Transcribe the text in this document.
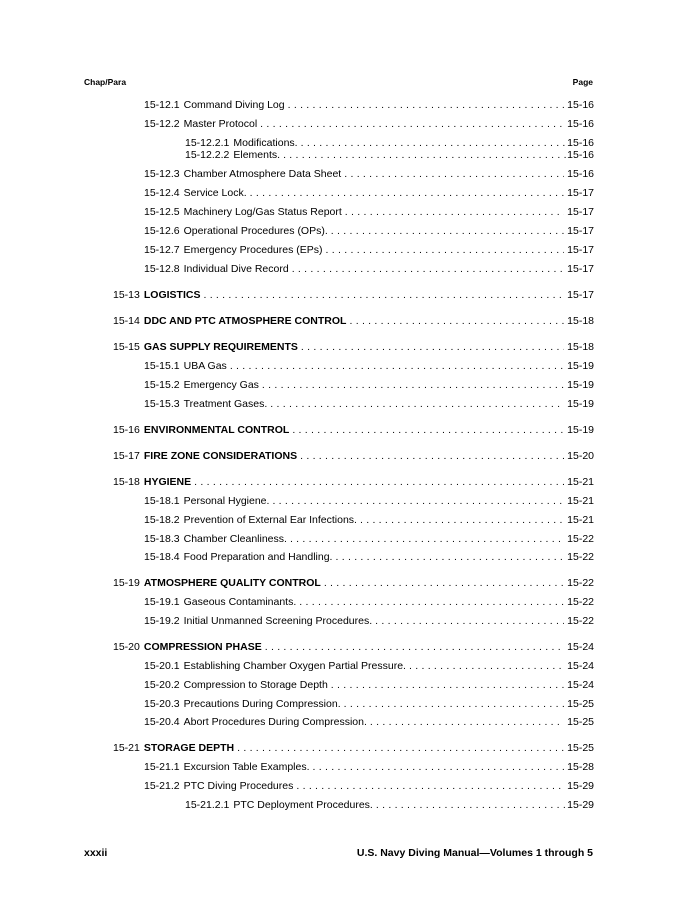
Chap/Para	Page
15-12.1 Command Diving Log . . .	15-16
15-12.2 Master Protocol . . .	15-16
15-12.2.1 Modifications. . . .	15-16
15-12.2.2 Elements. . . .	15-16
15-12.3 Chamber Atmosphere Data Sheet . . .	15-16
15-12.4 Service Lock. . . .	15-17
15-12.5 Machinery Log/Gas Status Report . . .	15-17
15-12.6 Operational Procedures (OPs). . . .	15-17
15-12.7 Emergency Procedures (EPs) . . .	15-17
15-12.8 Individual Dive Record . . .	15-17
15-13 LOGISTICS . . .	15-17
15-14 DDC AND PTC ATMOSPHERE CONTROL . . .	15-18
15-15 GAS SUPPLY REQUIREMENTS . . .	15-18
15-15.1 UBA Gas . . .	15-19
15-15.2 Emergency Gas . . .	15-19
15-15.3 Treatment Gases. . . .	15-19
15-16 ENVIRONMENTAL CONTROL . . .	15-19
15-17 FIRE ZONE CONSIDERATIONS . . .	15-20
15-18 HYGIENE . . .	15-21
15-18.1 Personal Hygiene. . . .	15-21
15-18.2 Prevention of External Ear Infections. . . .	15-21
15-18.3 Chamber Cleanliness. . . .	15-22
15-18.4 Food Preparation and Handling. . . .	15-22
15-19 ATMOSPHERE QUALITY CONTROL . . .	15-22
15-19.1 Gaseous Contaminants. . . .	15-22
15-19.2 Initial Unmanned Screening Procedures. . . .	15-22
15-20 COMPRESSION PHASE . . .	15-24
15-20.1 Establishing Chamber Oxygen Partial Pressure. . . .	15-24
15-20.2 Compression to Storage Depth . . .	15-24
15-20.3 Precautions During Compression. . . .	15-25
15-20.4 Abort Procedures During Compression. . . .	15-25
15-21 STORAGE DEPTH . . .	15-25
15-21.1 Excursion Table Examples. . . .	15-28
15-21.2 PTC Diving Procedures . . .	15-29
15-21.2.1 PTC Deployment Procedures. . . .	15-29
xxxii	U.S. Navy Diving Manual—Volumes 1 through 5
